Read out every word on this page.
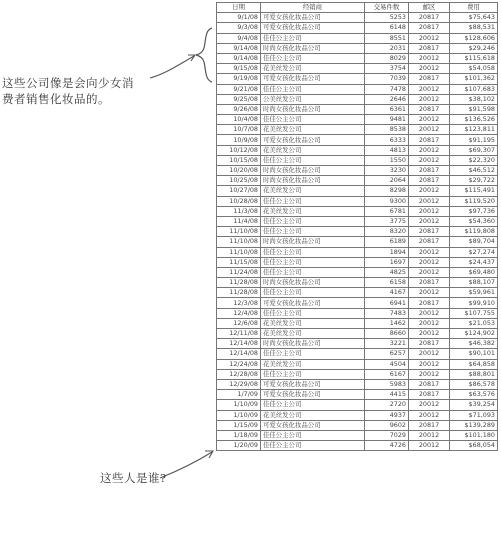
这些公司像是会向少女消费者销售化妆品的。
这些人是谁?
日期	经销商	交易件数	邮区	费用
9/1/08	可爱女孩化妆品公司	5253	20817	$75,643
9/3/08	可爱女孩化妆品公司	6148	20817	$88,531
9/4/08	佳佳公主公司	8551	20012	$128,606
9/14/08	时尚女孩化妆品公司	2031	20817	$29,246
9/14/08	佳佳公主公司	8029	20012	$115,618
9/15/08	花美丝发公司	3754	20012	$54,058
9/19/08	可爱女孩化妆品公司	7039	20817	$101,362
9/21/08	佳佳公主公司	7478	20012	$107,683
9/25/08	公美丝发公司	2646	20012	$38,102
9/26/08	时尚女孩化妆品公司	6361	20817	$91,598
10/4/08	佳佳公主公司	9481	20012	$136,526
10/7/08	花美丝发公司	8538	20012	$123,811
10/9/08	可爱女孩化妆品公司	6333	20817	$91,195
10/12/08	花美丝发公司	4813	20012	$69,307
10/15/08	佳佳公主公司	1550	20012	$22,320
10/20/08	时尚女孩化妆品公司	3230	20817	$46,512
10/25/08	时尚女孩化妆品公司	2064	20817	$29,722
10/27/08	花美丝发公司	8298	20012	$115,491
10/28/08	佳佳公主公司	9300	20012	$119,520
11/3/08	花美丝发公司	6781	20012	$97,736
11/4/08	佳佳公主公司	3775	20012	$54,360
11/10/08	佳佳公主公司	8320	20817	$119,808
11/10/08	时尚女孩化妆品公司	6189	20817	$89,704
11/10/08	佳佳公主公司	1894	20012	$27,274
11/15/08	佳佳公主公司	1697	20012	$24,437
11/24/08	佳佳公主公司	4825	20012	$69,480
11/28/08	时尚女孩化妆品公司	6158	20817	$88,107
11/28/08	佳佳公主公司	4167	20012	$59,961
12/3/08	可爱女孩化妆品公司	6941	20817	$99,910
12/4/08	佳佳公主公司	7483	20012	$107,755
12/6/08	花美丝发公司	1462	20012	$21,053
12/11/08	花美丝发公司	8660	20012	$124,902
12/14/08	时尚女孩化妆品公司	3221	20817	$46,382
12/14/08	佳佳公主公司	6257	20012	$90,101
12/24/08	花美丝发公司	4504	20012	$64,858
12/28/08	佳佳公主公司	6167	20012	$88,801
12/29/08	可爱女孩化妆品公司	5983	20817	$86,578
1/7/09	可爱女孩化妆品公司	4415	20817	$63,576
1/10/09	佳佳公主公司	2720	20012	$39,254
1/10/09	花美丝发公司	4937	20012	$71,093
1/15/09	可爱女孩化妆品公司	9602	20817	$139,289
1/18/09	佳佳公主公司	7029	20012	$101,180
1/20/09	佳佳公主公司	4726	20012	$68,054
